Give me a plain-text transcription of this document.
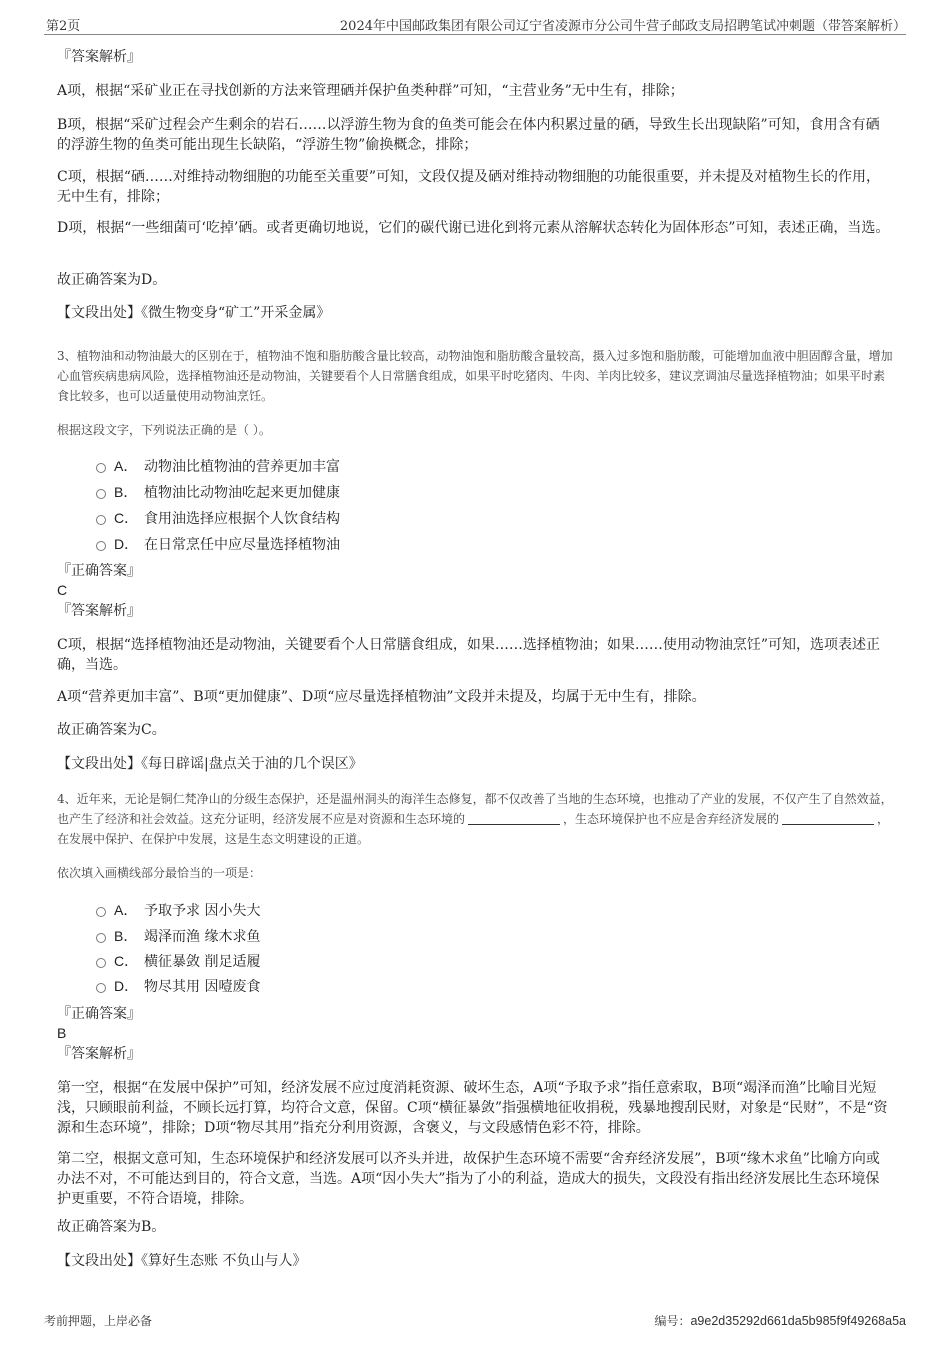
第2页	2024年中国邮政集团有限公司辽宁省凌源市分公司牛营子邮政支局招聘笔试冲刺题（带答案解析）
『答案解析』
A项，根据“采矿业正在寻找创新的方法来管理硒并保护鱼类种群”可知，“主营业务”无中生有，排除；
B项，根据“采矿过程会产生剩余的岩石……以浮游生物为食的鱼类可能会在体内积累过量的硒，导致生长出现缺陷”可知，食用含有硒的浮游生物的鱼类可能出现生长缺陷，“浮游生物”偷换概念，排除；
C项，根据“硒……对维持动物细胞的功能至关重要”可知，文段仅提及硒对维持动物细胞的功能很重要，并未提及对植物生长的作用，无中生有，排除；
D项，根据“一些细菌可‘吃掉’硒。或者更确切地说，它们的碳代谢已进化到将元素从溶解状态转化为固体形态”可知，表述正确，当选。
故正确答案为D。
【文段出处】《微生物变身“矿工”开采金属》
3、植物油和动物油最大的区别在于，植物油不饱和脂肪酸含量比较高，动物油饱和脂肪酸含量较高，摄入过多饱和脂肪酸，可能增加血液中胆固醇含量，增加心血管疾病患病风险，选择植物油还是动物油，关键要看个人日常膳食组成，如果平时吃猪肉、牛肉、羊肉比较多，建议烹调油尽量选择植物油；如果平时素食比较多，也可以适量使用动物油烹饪。
根据这段文字，下列说法正确的是（ ）。
A． 动物油比植物油的营养更加丰富
B． 植物油比动物油吃起来更加健康
C． 食用油选择应根据个人饮食结构
D． 在日常烹任中应尽量选择植物油
『正确答案』
C
『答案解析』
C项，根据“选择植物油还是动物油，关键要看个人日常膳食组成，如果……选择植物油；如果……使用动物油烹饪”可知，选项表述正确，当选。
A项“营养更加丰富”、B项“更加健康”、D项“应尽量选择植物油”文段并未提及，均属于无中生有，排除。
故正确答案为C。
【文段出处】《每日辟谣|盘点关于油的几个误区》
4、近年来，无论是铜仁梵净山的分级生态保护，还是温州洞头的海洋生态修复，都不仅改善了当地的生态环境，也推动了产业的发展，不仅产生了自然效益，也产生了经济和社会效益。这充分证明，经济发展不应是对资源和生态环境的	，生态环境保护也不应是舍弃经济发展的	，在发展中保护、在保护中发展，这是生态文明建设的正道。
依次填入画横线部分最恰当的一项是：
A． 予取予求 因小失大
B． 竭泽而渔 缘木求鱼
C． 横征暴敛 削足适履
D． 物尽其用 因噎废食
『正确答案』
B
『答案解析』
第一空，根据“在发展中保护”可知，经济发展不应过度消耗资源、破坏生态，A项“予取予求”指任意索取，B项“竭泽而渔”比喻目光短浅，只顾眼前利益，不顾长远打算，均符合文意，保留。C项“横征暴敛”指强横地征收捐税，残暴地搜刮民财，对象是“民财”，不是“资源和生态环境”，排除；D项“物尽其用”指充分利用资源，含褒义，与文段感情色彩不符，排除。
第二空，根据文意可知，生态环境保护和经济发展可以齐头并进，故保护生态环境不需要“舍弃经济发展”，B项“缘木求鱼”比喻方向或办法不对，不可能达到目的，符合文意，当选。A项“因小失大”指为了小的利益，造成大的损失，文段没有指出经济发展比生态环境保护更重要，不符合语境，排除。
故正确答案为B。
【文段出处】《算好生态账 不负山与人》
考前押题，上岸必备	编号：a9e2d35292d661da5b985f9f49268a5a
